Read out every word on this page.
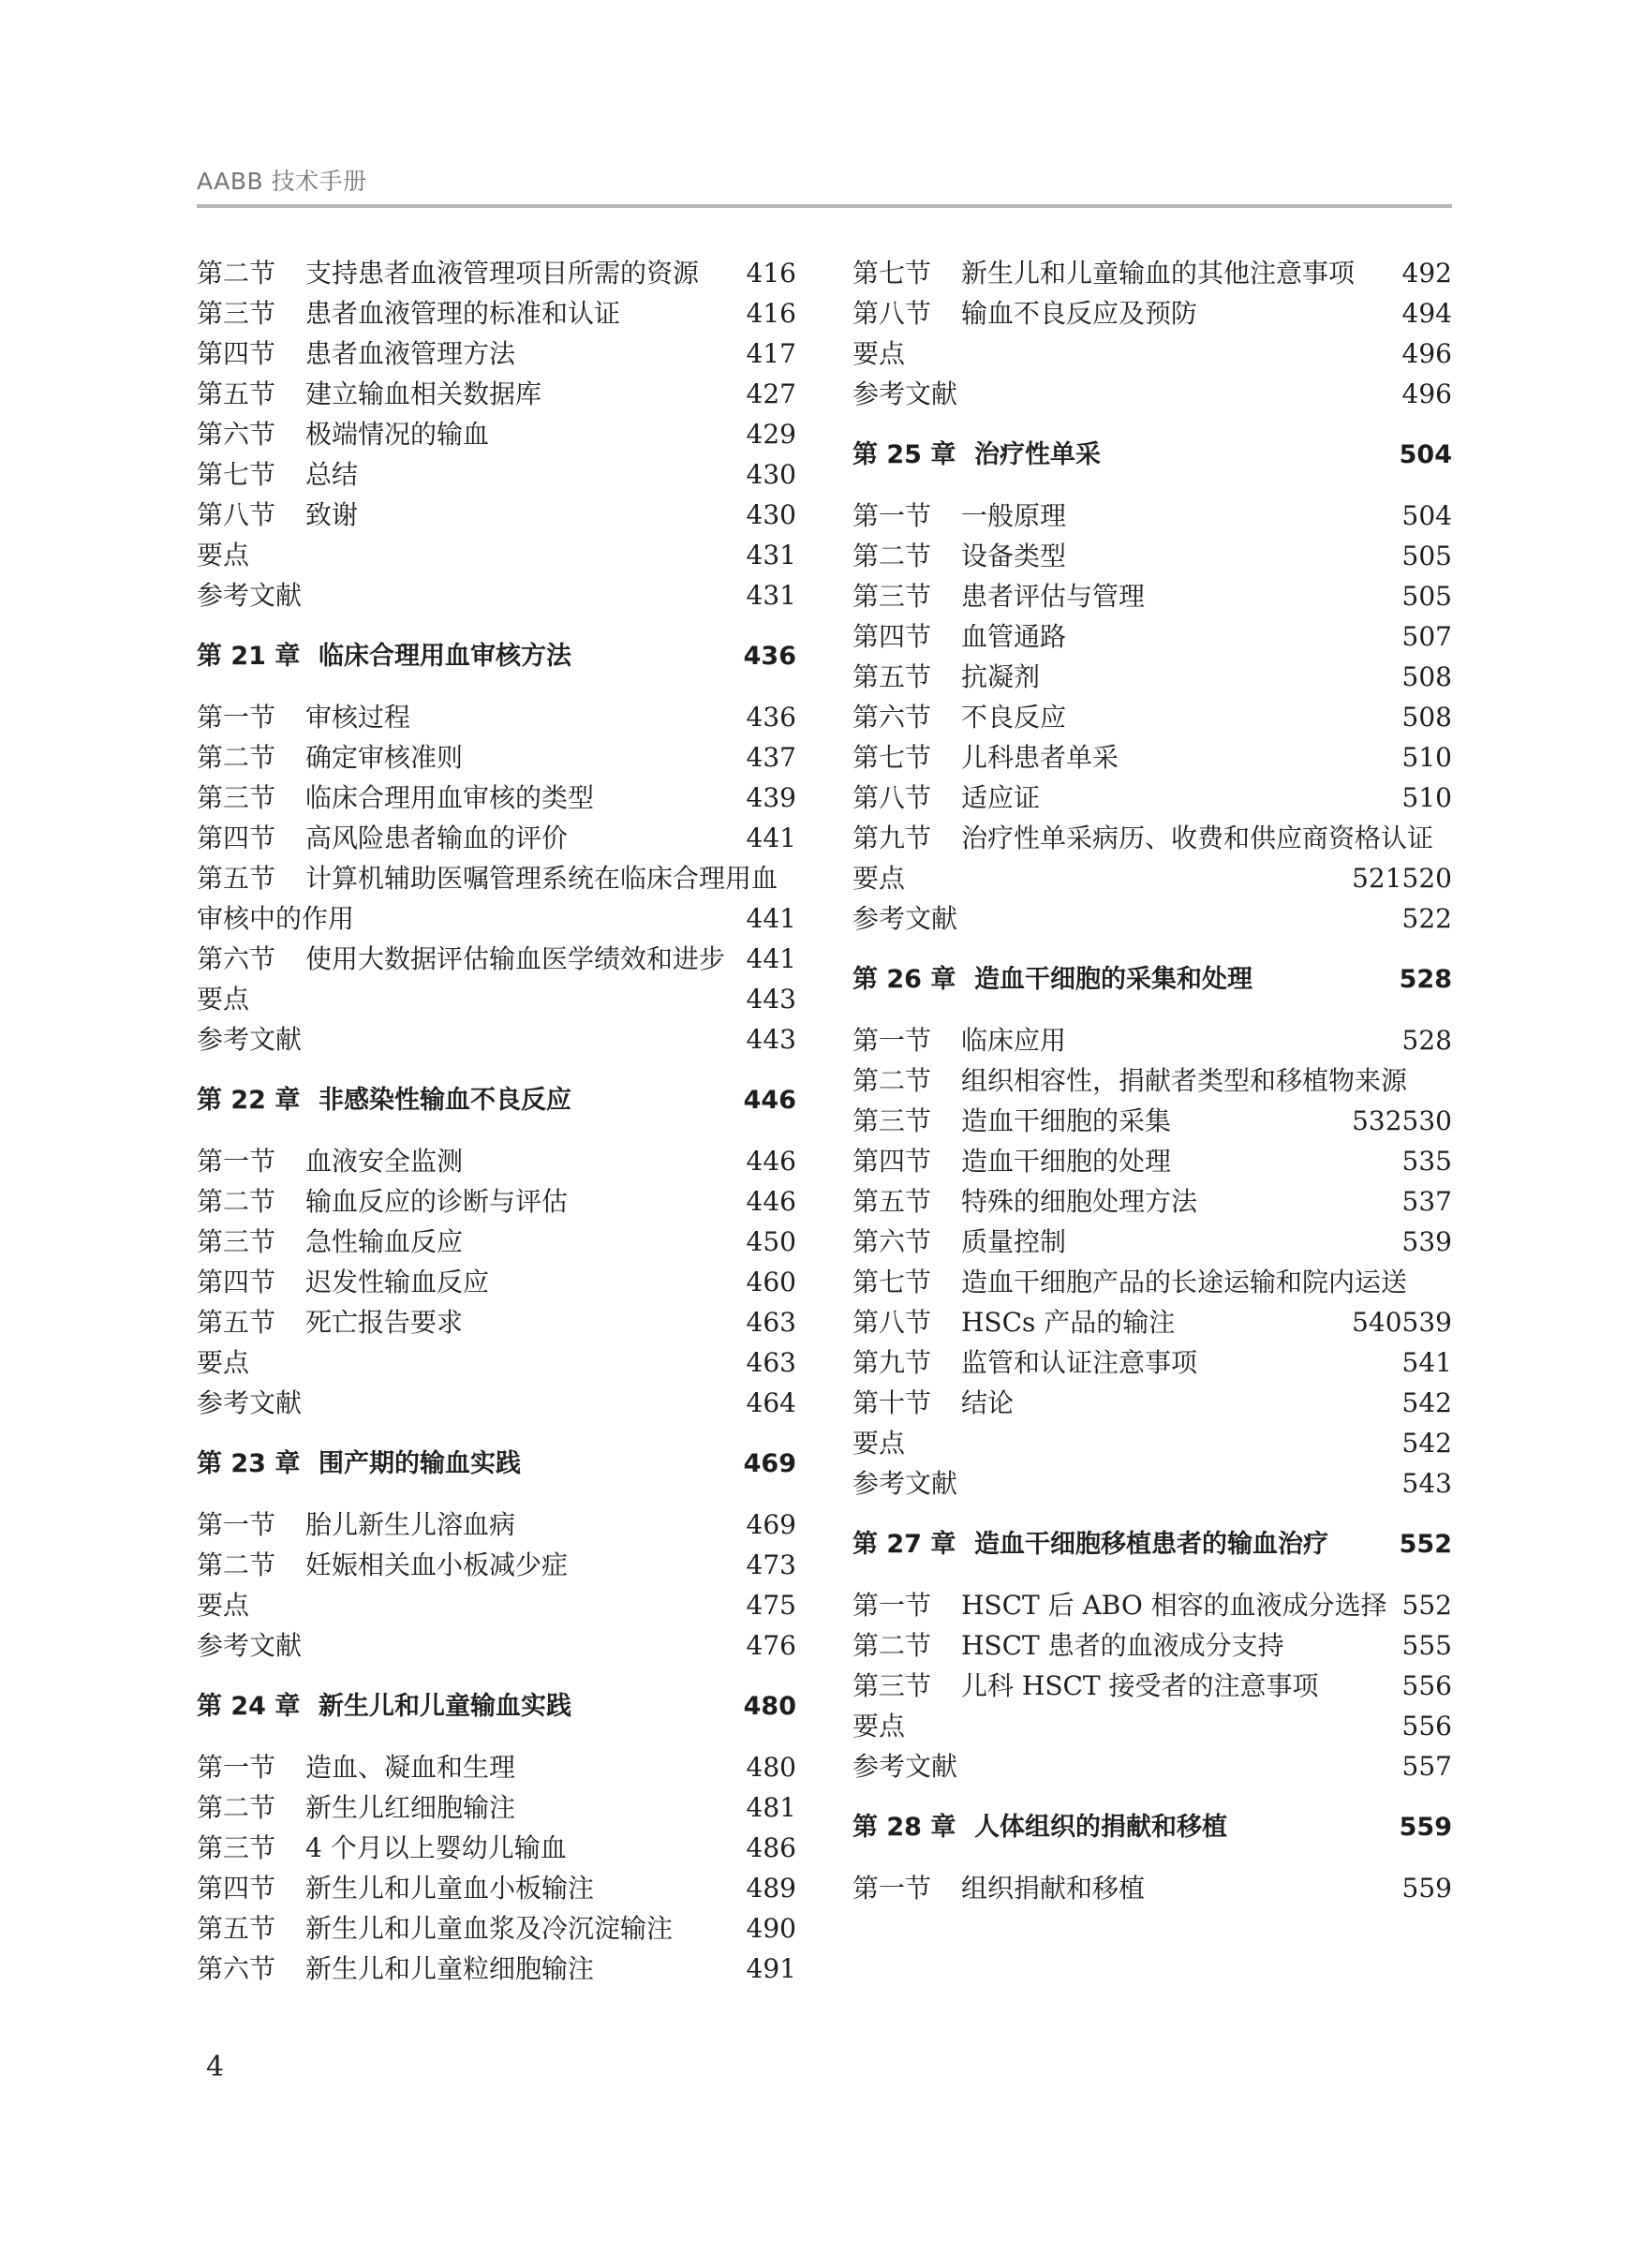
AABB 技术手册
416
第二节 支持患者血液管理项目所需的资源
416
第三节 患者血液管理的标准和认证
417
第四节 患者血液管理方法
427
第五节 建立输血相关数据库
429
第六节 极端情况的输血
430
第七节 总结
430
第八节 致谢
431
要点
431
参考文献
436
第 21 章 临床合理用血审核方法
436
第一节 审核过程
437
第二节 确定审核准则
439
第三节 临床合理用血审核的类型
441
第四节 高风险患者输血的评价
第五节 计算机辅助医嘱管理系统在临床合理用血
441
审核中的作用
441
第六节 使用大数据评估输血医学绩效和进步
443
要点
443
参考文献
446
第 22 章 非感染性输血不良反应
446
第一节 血液安全监测
446
第二节 输血反应的诊断与评估
450
第三节 急性输血反应
460
第四节 迟发性输血反应
463
第五节 死亡报告要求
463
要点
464
参考文献
469
第 23 章 围产期的输血实践
469
第一节 胎儿新生儿溶血病
473
第二节 妊娠相关血小板减少症
475
要点
476
参考文献
480
第 24 章 新生儿和儿童输血实践
480
第一节 造血、凝血和生理
481
第二节 新生儿红细胞输注
486
第三节 4 个月以上婴幼儿输血
489
第四节 新生儿和儿童血小板输注
490
第五节 新生儿和儿童血浆及冷沉淀输注
491
第六节 新生儿和儿童粒细胞输注
492
第七节 新生儿和儿童输血的其他注意事项
494
第八节 输血不良反应及预防
496
要点
496
参考文献
504
第 25 章 治疗性单采
504
第一节 一般原理
505
第二节 设备类型
505
第三节 患者评估与管理
507
第四节 血管通路
508
第五节 抗凝剂
508
第六节 不良反应
510
第七节 儿科患者单采
510
第八节 适应证
第九节 治疗性单采病历、收费和供应商资格认证
520
521
要点
522
参考文献
528
第 26 章 造血干细胞的采集和处理
528
第一节 临床应用
第二节 组织相容性，捐献者类型和移植物来源
530
532
第三节 造血干细胞的采集
535
第四节 造血干细胞的处理
537
第五节 特殊的细胞处理方法
539
第六节 质量控制
第七节 造血干细胞产品的长途运输和院内运送
539
540
第八节 HSCs 产品的输注
541
第九节 监管和认证注意事项
542
第十节 结论
542
要点
543
参考文献
552
第 27 章 造血干细胞移植患者的输血治疗
552
第一节 HSCT 后 ABO 相容的血液成分选择
555
第二节 HSCT 患者的血液成分支持
556
第三节 儿科 HSCT 接受者的注意事项
556
要点
557
参考文献
559
第 28 章 人体组织的捐献和移植
559
第一节 组织捐献和移植
4
